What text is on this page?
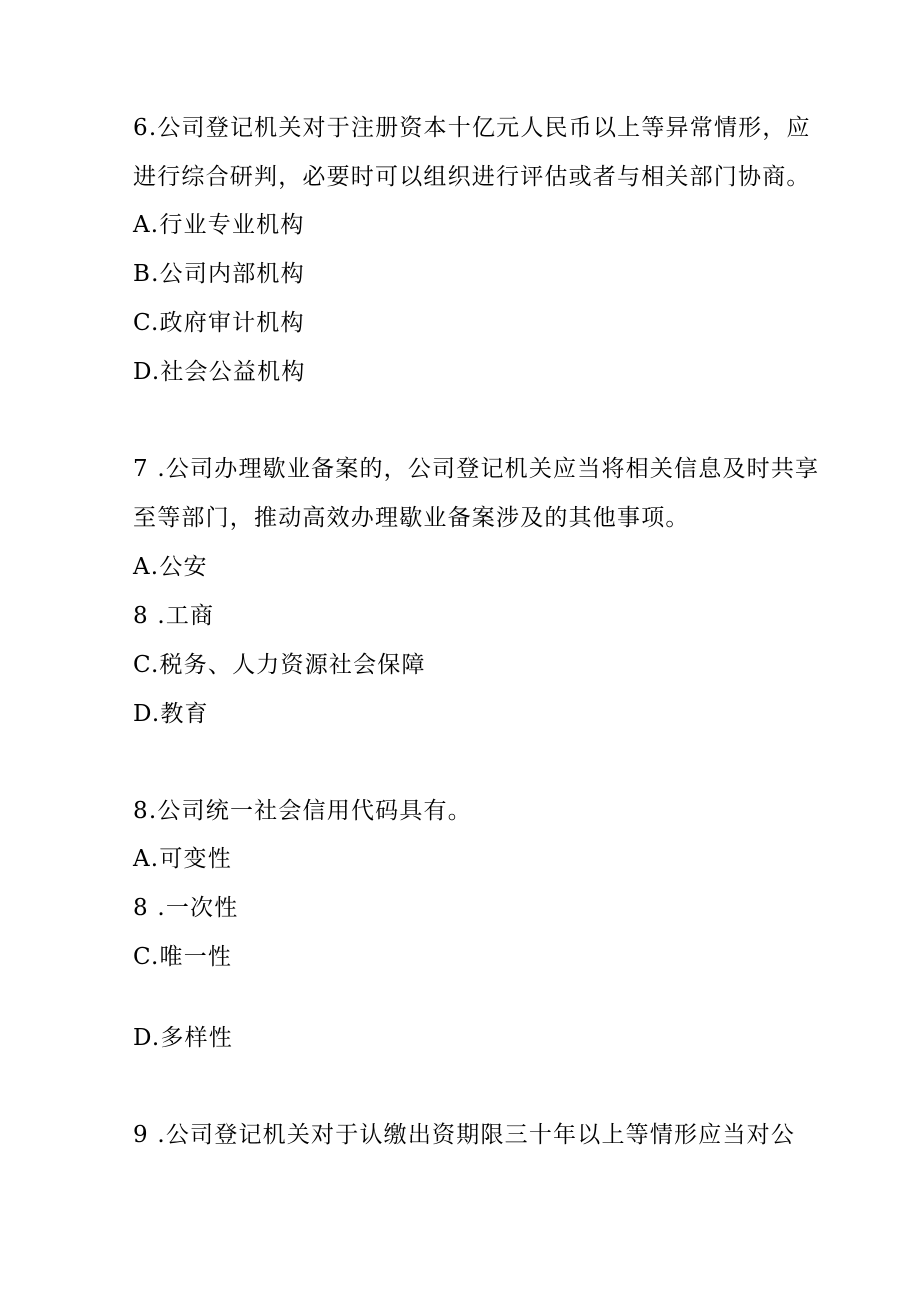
6.公司登记机关对于注册资本十亿元人民币以上等异常情形，应
进行综合研判，必要时可以组织进行评估或者与相关部门协商。
A.行业专业机构
B.公司内部机构
C.政府审计机构
D.社会公益机构
7 .公司办理歇业备案的，公司登记机关应当将相关信息及时共享
至等部门，推动高效办理歇业备案涉及的其他事项。
A.公安
8 .工商
C.税务、人力资源社会保障
D.教育
8.公司统一社会信用代码具有。
A.可变性
8 .一次性
C.唯一性
D.多样性
9 .公司登记机关对于认缴出资期限三十年以上等情形应当对公
